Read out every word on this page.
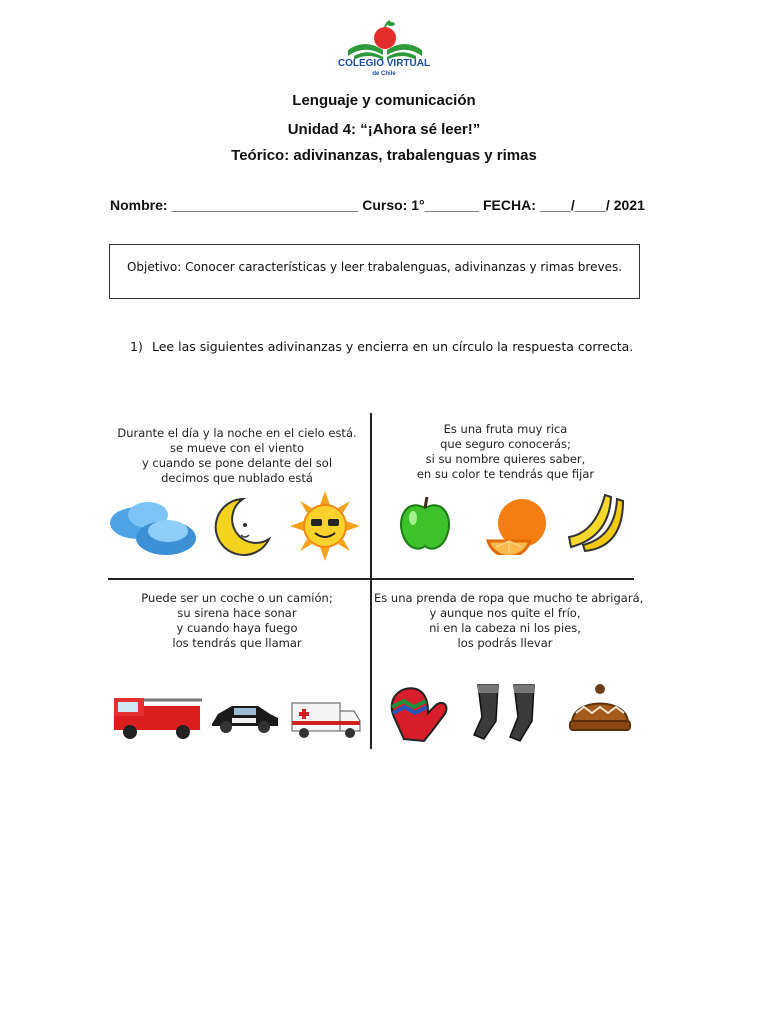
COLEGIO VIRTUAL
de Chile
Lenguaje y comunicación
Unidad 4: “¡Ahora sé leer!”
Teórico: adivinanzas, trabalenguas y rimas
Nombre: ________________________ Curso: 1°_______ FECHA: ____/____/ 2021
Objetivo: Conocer características y leer trabalenguas, adivinanzas y rimas breves.
1) Lee las siguientes adivinanzas y encierra en un círculo la respuesta correcta.
Durante el día y la noche en el cielo está.
se mueve con el viento
y cuando se pone delante del sol
decimos que nublado está
Es una fruta muy rica
que seguro conocerás;
si su nombre quieres saber,
en su color te tendrás que fijar
Puede ser un coche o un camión;
su sirena hace sonar
y cuando haya fuego
los tendrás que llamar
Es una prenda de ropa que mucho te abrigará,
y aunque nos quite el frío,
ni en la cabeza ni los pies,
los podrás llevar
